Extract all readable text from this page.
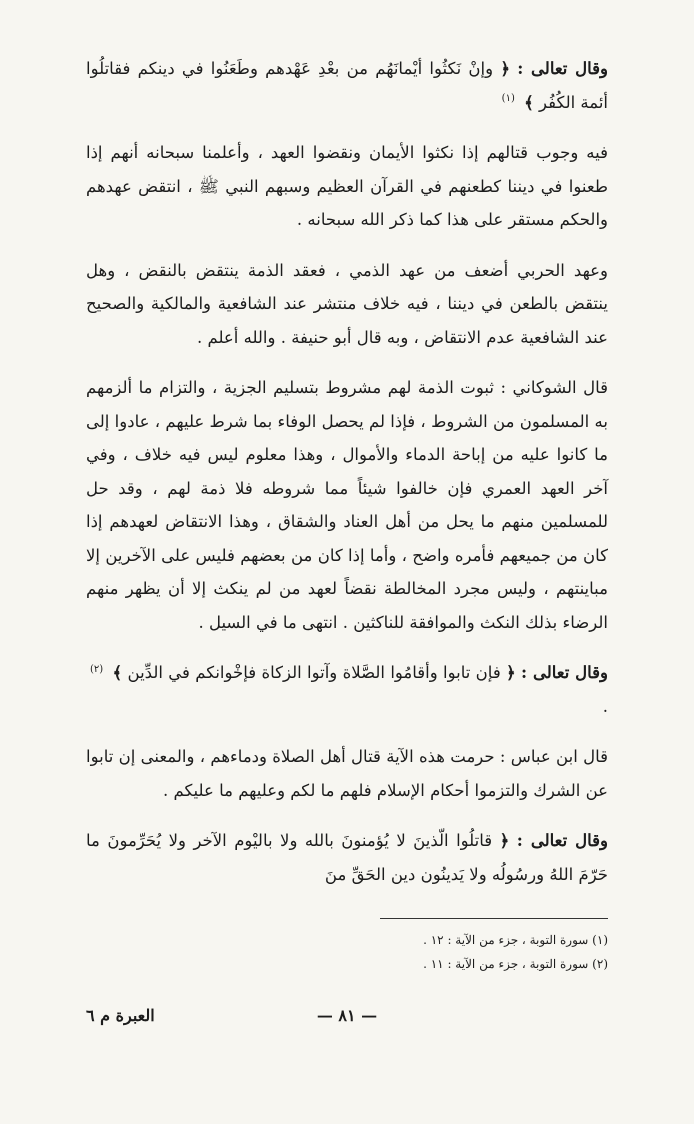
وقال تعالى : ﴿ وإنْ نَكثُوا أيْمانَهُم من بعْدِ عَهْدهم وطَعَنُوا في دينكم فقاتلُوا أئمة الكُفُر ﴾ $^{(١)}$

فيه وجوب قتالهم إذا نكثوا الأيمان ونقضوا العهد ، وأعلمنا سبحانه أنهم إذا طعنوا في ديننا كطعنهم في القرآن العظيم وسبهم النبي ﷺ ، انتقض عهدهم والحكم مستقر على هذا كما ذكر الله سبحانه .

وعهد الحربي أضعف من عهد الذمي ، فعقد الذمة ينتقض بالنقض ، وهل ينتقض بالطعن في ديننا ، فيه خلاف منتشر عند الشافعية والمالكية والصحيح عند الشافعية عدم الانتقاض ، وبه قال أبو حنيفة . والله أعلم .

قال الشوكاني : ثبوت الذمة لهم مشروط بتسليم الجزية ، والتزام ما ألزمهم به المسلمون من الشروط ، فإذا لم يحصل الوفاء بما شرط عليهم ، عادوا إلى ما كانوا عليه من إباحة الدماء والأموال ، وهذا معلوم ليس فيه خلاف ، وفي آخر العهد العمري فإن خالفوا شيئاً مما شروطه فلا ذمة لهم ، وقد حل للمسلمين منهم ما يحل من أهل العناد والشقاق ، وهذا الانتقاض لعهدهم إذا كان من جميعهم فأمره واضح ، وأما إذا كان من بعضهم فليس على الآخرين إلا مباينتهم ، وليس مجرد المخالطة نقضاً لعهد من لم ينكث إلا أن يظهر منهم الرضاء بذلك النكث والموافقة للناكثين . انتهى ما في السيل .

وقال تعالى : ﴿ فإن تابوا وأقامُوا الصَّلاة وآتوا الزكاة فإخْوانكم في الدِّين ﴾ $^{(٢)}$ .

قال ابن عباس : حرمت هذه الآية قتال أهل الصلاة ودماءهم ، والمعنى إن تابوا عن الشرك والتزموا أحكام الإسلام فلهم ما لكم وعليهم ما عليكم .

وقال تعالى : ﴿ قاتلُوا الّذينَ لا يُؤمنونَ بالله ولا باليْوم الآخر ولا يُحَرِّمونَ ما حَرّمَ اللهُ ورسُولُه ولا يَدينُون دين الحَقِّ منَ

(١) سورة التوبة ، جزء من الآية : ١٢ .
(٢) سورة التوبة ، جزء من الآية : ١١ .
— ٨١ —
العبرة م ٦
